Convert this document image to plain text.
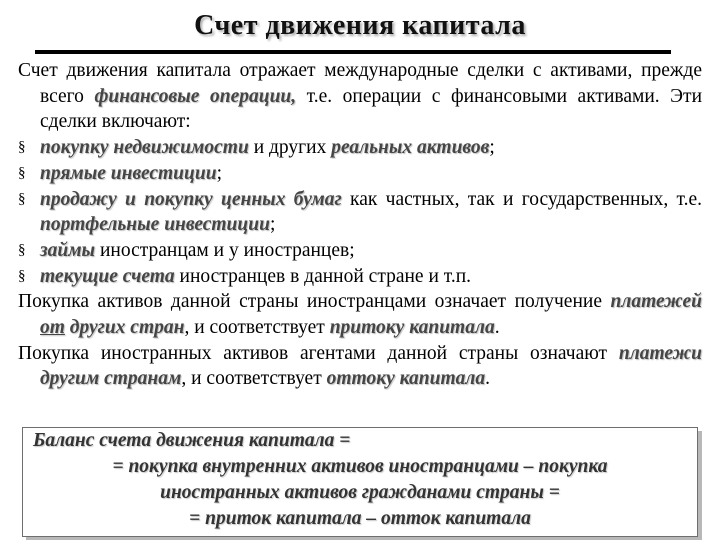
Счет движения капитала

Счет движения капитала отражает международные сделки с активами, прежде всего финансовые операции, т.е. операции с финансовыми активами. Эти сделки включают:

§ покупку недвижимости и других реальных активов;
§ прямые инвестиции;
§ продажу и покупку ценных бумаг как частных, так и государственных, т.е. портфельные инвестиции;
§ займы иностранцам и у иностранцев;
§ текущие счета иностранцев в данной стране и т.п.

Покупка активов данной страны иностранцами означает получение платежей от других стран, и соответствует притоку капитала.

Покупка иностранных активов агентами данной страны означают платежи другим странам, и соответствует оттоку капитала.

Баланс счета движения капитала =
= покупка внутренних активов иностранцами – покупка
иностранных активов гражданами страны =
= приток капитала – отток капитала
